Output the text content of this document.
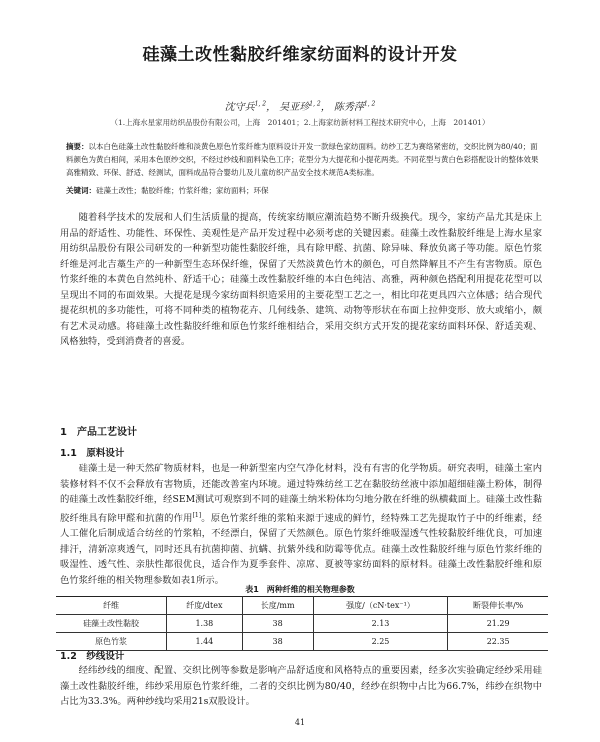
硅藻土改性黏胶纤维家纺面料的设计开发
沈守兵$^{1, 2}$， 吴亚珍$^{1, 2}$， 陈秀萍$^{1, 2}$
（1.上海水星家用纺织品股份有限公司，上海　201401；2.上海家纺新材料工程技术研究中心，上海　201401）
摘要：以本白色硅藻土改性黏胶纤维和淡黄色原色竹浆纤维为原料设计开发一款绿色家纺面料。纺纱工艺为赛络紧密纺，交织比例为80/40；面料颜色为黄白相间，采用本色原纱交织，不经过纱线和面料染色工序；花型分为大提花和小提花两类。不同花型与黄白色彩搭配设计的整体效果高雅精致、环保、舒适、经测试，面料成品符合婴幼儿及儿童纺织产品安全技术规范A类标准。
关键词：硅藻土改性；黏胶纤维；竹浆纤维；家纺面料；环保
随着科学技术的发展和人们生活质量的提高，传统家纺顺应潮流趋势不断升级换代。现今，家纺产品尤其是床上用品的舒适性、功能性、环保性、美观性是产品开发过程中必须考虑的关键因素。硅藻土改性黏胶纤维是上海水星家用纺织品股份有限公司研发的一种新型功能性黏胶纤维，具有除甲醛、抗菌、除异味、释放负离子等功能。原色竹浆纤维是河北吉藁生产的一种新型生态环保纤维，保留了天然淡黄色竹木的颜色，可自然降解且不产生有害物质。原色竹浆纤维的本黄色自然纯朴、舒适干心；硅藻土改性黏胶纤维的本白色纯洁、高雅，两种颜色搭配利用提花花型可以呈现出不同的布面效果。大提花是现今家纺面料织造采用的主要花型工艺之一，相比印花更具四六立体感；结合现代提花织机的多功能性，可将不同种类的植物花卉、几何线条、建筑、动物等形状在布面上拉伸变形、放大或缩小，颇有艺术灵动感。将硅藻土改性黏胶纤维和原色竹浆纤维相结合，采用交织方式开发的提花家纺面料环保、舒适美观、风格独特，受到消费者的喜爱。
1　产品工艺设计
1.1　原料设计
硅藻土是一种天然矿物质材料，也是一种新型室内空气净化材料，没有有害的化学物质。研究表明，硅藻土室内装修材料不仅不会释放有害物质，还能改善室内环境。通过特殊纺丝工艺在黏胶纺丝液中添加超细硅藻土粉体，制得的硅藻土改性黏胶纤维，经SEM测试可观察到不同的硅藻土纳米粉体均匀地分散在纤维的纵横截面上。硅藻土改性黏胶纤维具有除甲醛和抗菌的作用[1]。原色竹浆纤维的浆粕来源于速成的鲜竹，经特殊工艺先提取竹子中的纤维素，经人工催化后制成适合纺丝的竹浆粕，不经漂白，保留了天然颜色。原色竹浆纤维吸湿透气性较黏胶纤维优良，可加速排汗，清新凉爽透气，同时还具有抗菌抑菌、抗螨、抗紫外线和防霉等优点。硅藻土改性黏胶纤维与原色竹浆纤维的吸湿性、透气性、亲肤性都很优良，适合作为夏季套件、凉席、夏被等家纺面料的原材料。硅藻土改性黏胶纤维和原色竹浆纤维的相关物理参数如表1所示。
表1　两种纤维的相关物理参数
纤维	纤度/dtex	长度/mm	强度/（cN·tex⁻¹）	断裂伸长率/%
硅藻土改性黏胶	1.38	38	2.13	21.29
原色竹浆	1.44	38	2.25	22.35
1.2　纱线设计
经纬纱线的细度、配置、交织比例等参数是影响产品舒适度和风格特点的重要因素，经多次实验确定经纱采用硅藻土改性黏胶纤维，纬纱采用原色竹浆纤维，二者的交织比例为80/40，经纱在织物中占比为66.7%，纬纱在织物中占比为33.3%。两种纱线均采用21s双股设计。
41
